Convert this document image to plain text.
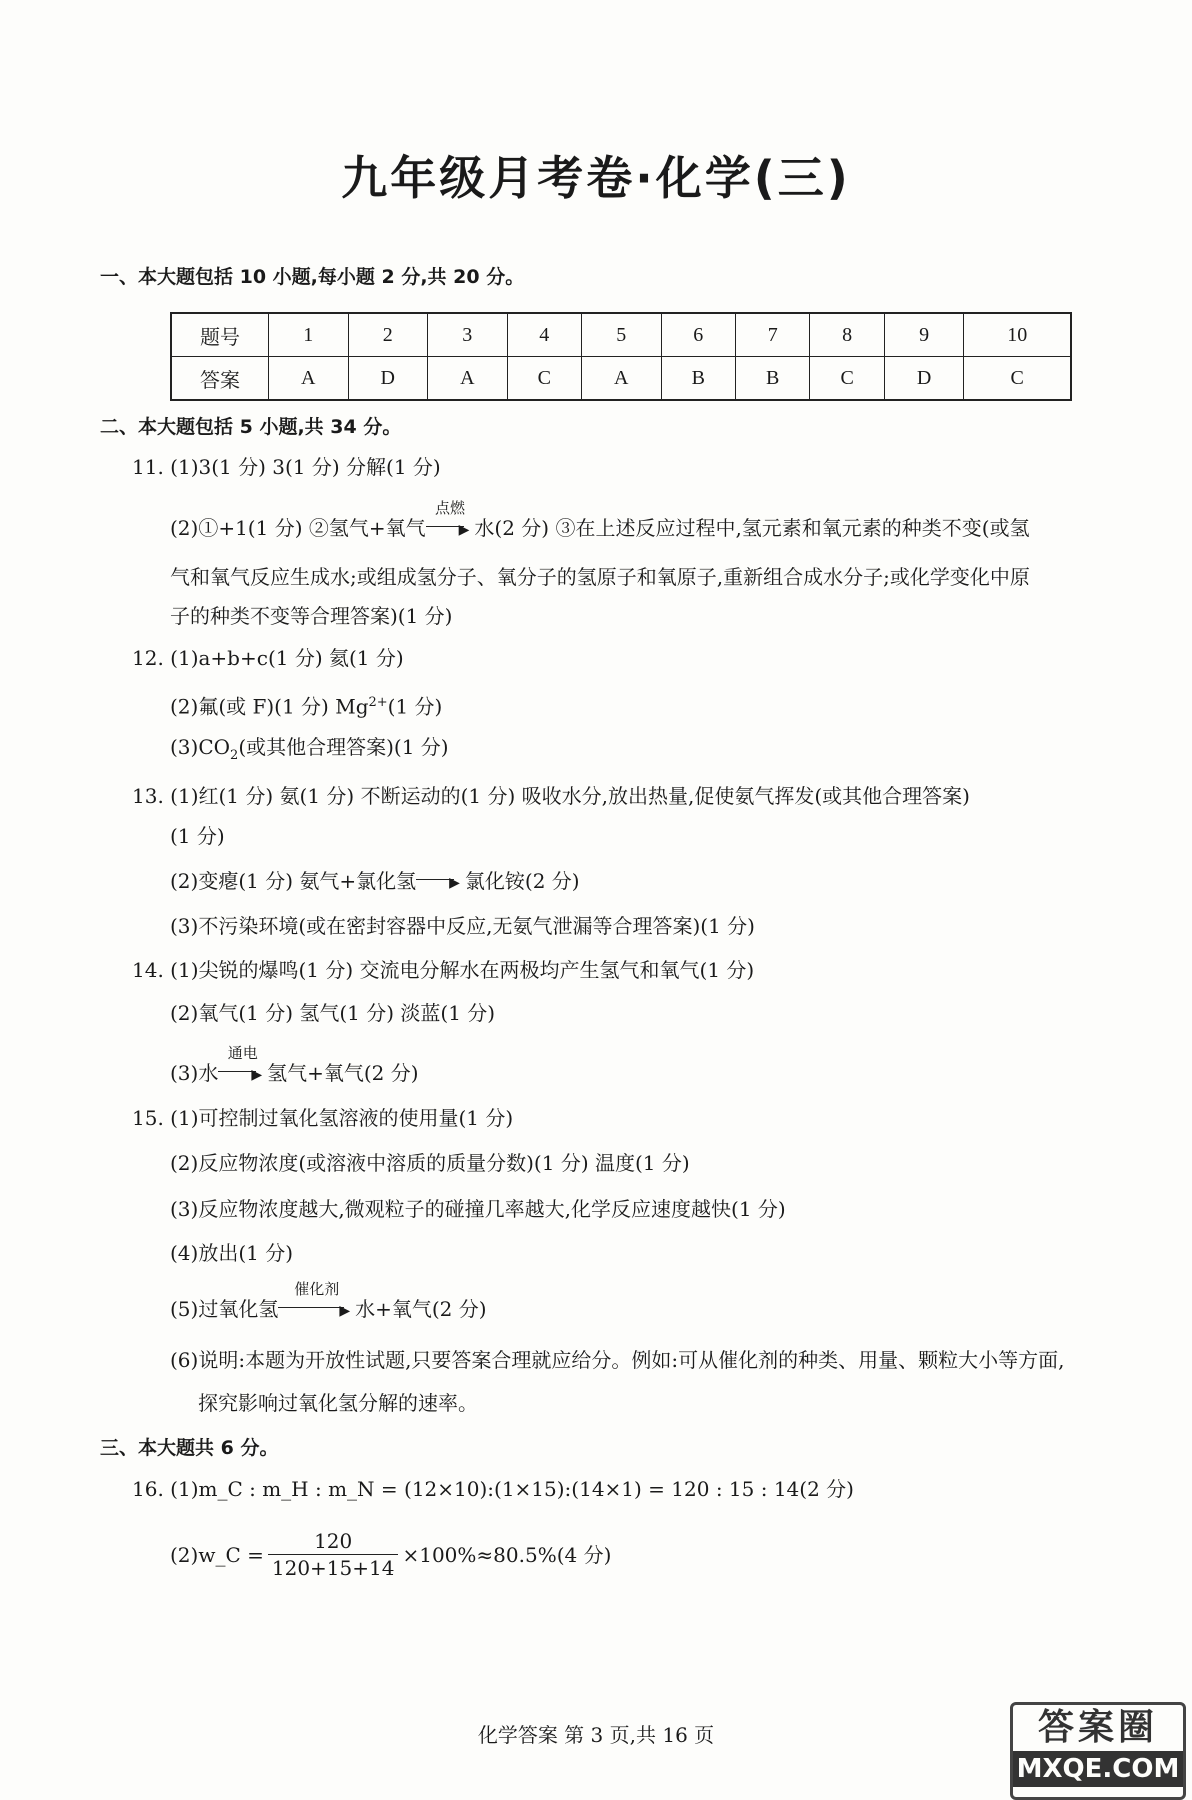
九年级月考卷·化学(三)
一、本大题包括 10 小题,每小题 2 分,共 20 分。
题号	1	2	3	4	5	6	7	8	9	10
答案	A	D	A	C	A	B	B	C	D	C
二、本大题包括 5 小题,共 34 分。
11. (1)3(1 分) 3(1 分) 分解(1 分)
(2)①+1(1 分) ②氢气+氧气
点燃
▶ 水(2 分) ③在上述反应过程中,氢元素和氧元素的种类不变(或氢
气和氧气反应生成水;或组成氢分子、氧分子的氢原子和氧原子,重新组合成水分子;或化学变化中原
子的种类不变等合理答案)(1 分)
12. (1)a+b+c(1 分) 氦(1 分)
(2)氟(或 F)(1 分) $Mg^{2+}(1$ 分)
$(3)CO_2$(或其他合理答案)(1 分)
13. (1)红(1 分) 氨(1 分) 不断运动的(1 分) 吸收水分,放出热量,促使氨气挥发(或其他合理答案)
(1 分)
(2)变瘪(1 分) 氨气+氯化氢 ▶ 氯化铵(2 分)
(3)不污染环境(或在密封容器中反应,无氨气泄漏等合理答案)(1 分)
14. (1)尖锐的爆鸣(1 分) 交流电分解水在两极均产生氢气和氧气(1 分)
(2)氧气(1 分) 氢气(1 分) 淡蓝(1 分)
(3)水
通电
▶ 氢气+氧气(2 分)
15. (1)可控制过氧化氢溶液的使用量(1 分)
(2)反应物浓度(或溶液中溶质的质量分数)(1 分) 温度(1 分)
(3)反应物浓度越大,微观粒子的碰撞几率越大,化学反应速度越快(1 分)
(4)放出(1 分)
(5)过氧化氢
催化剂
▶ 水+氧气(2 分)
(6)说明:本题为开放性试题,只要答案合理就应给分。例如:可从催化剂的种类、用量、颗粒大小等方面,
探究影响过氧化氢分解的速率。
三、本大题共 6 分。
16. (1)m_C : m_H : m_N = (12×10):(1×15):(14×1) = 120 : 15 : 14(2 分)
(2)w_C = $\frac{120}{120+15+14} \times 100\%\approx 80.5\%(4$ 分)
化学答案 第 3 页,共 16 页	答案圈
MXQE.COM
